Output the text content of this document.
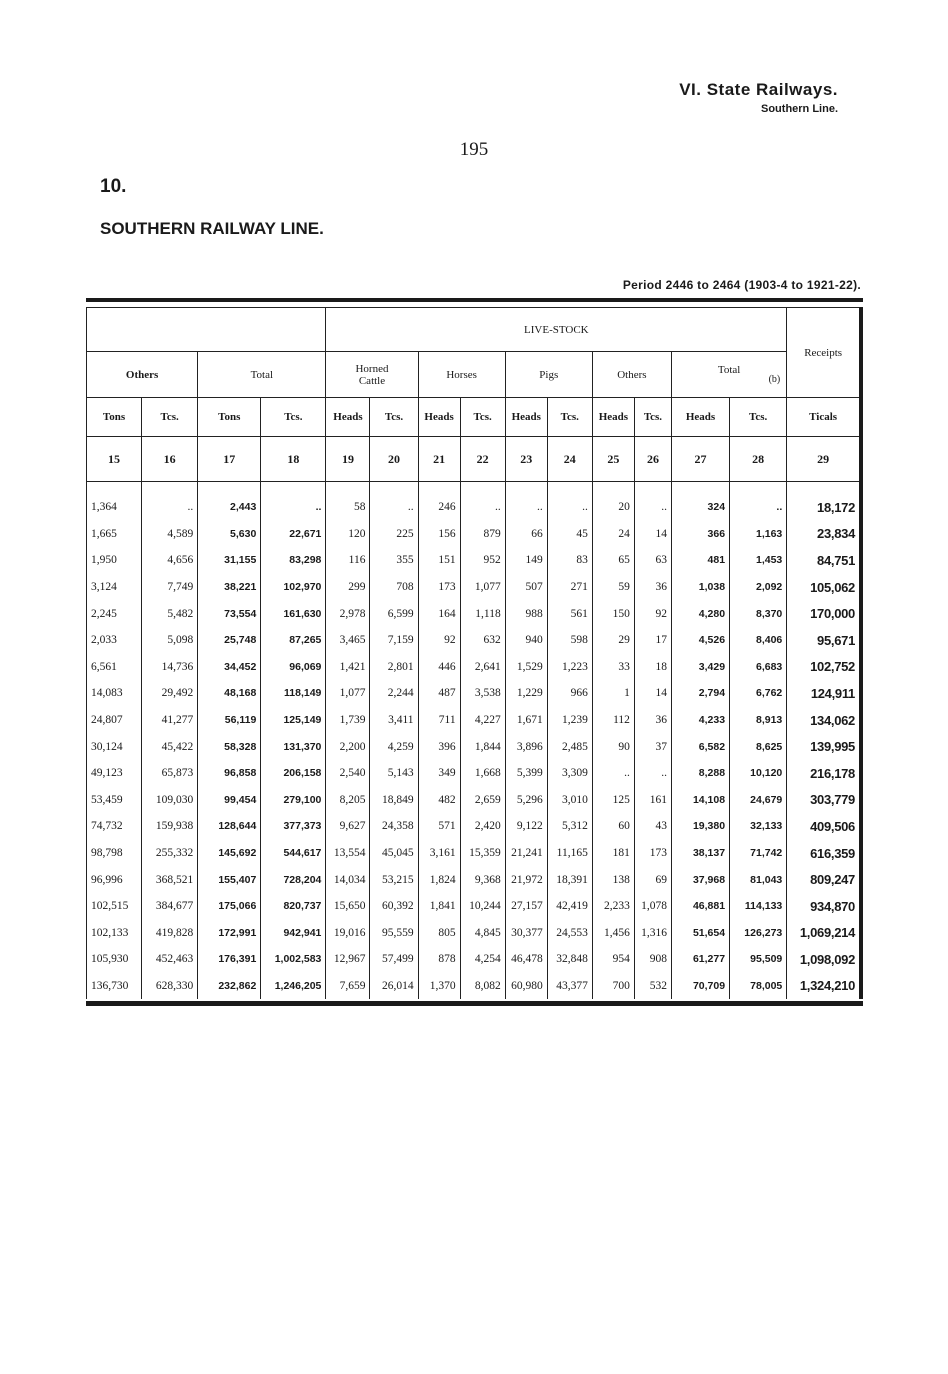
VI. State Railways.
Southern Line.
195
10.
SOUTHERN RAILWAY LINE.
Period 2446 to 2464 (1903-4 to 1921-22).
				LIVE-STOCK										Receipts
Others		Total		Horned Cattle		Horses		Pigs		Others		Total
(b)		

Tons	Tcs.	Tons	Tcs.	Heads	Tcs.	Heads	Tcs.	Heads	Tcs.	Heads	Tcs.	Heads	Tcs.	Ticals
15	16	17	18	19	20	21	22	23	24	25	26	27	28	29

1,364	..	2,443	..	58	..	246	..	..	..	20	..	324	..	18,172
1,665	4,589	5,630	22,671	120	225	156	879	66	45	24	14	366	1,163	23,834
1,950	4,656	31,155	83,298	116	355	151	952	149	83	65	63	481	1,453	84,751
3,124	7,749	38,221	102,970	299	708	173	1,077	507	271	59	36	1,038	2,092	105,062
2,245	5,482	73,554	161,630	2,978	6,599	164	1,118	988	561	150	92	4,280	8,370	170,000
2,033	5,098	25,748	87,265	3,465	7,159	92	632	940	598	29	17	4,526	8,406	95,671
6,561	14,736	34,452	96,069	1,421	2,801	446	2,641	1,529	1,223	33	18	3,429	6,683	102,752
14,083	29,492	48,168	118,149	1,077	2,244	487	3,538	1,229	966	1	14	2,794	6,762	124,911
24,807	41,277	56,119	125,149	1,739	3,411	711	4,227	1,671	1,239	112	36	4,233	8,913	134,062
30,124	45,422	58,328	131,370	2,200	4,259	396	1,844	3,896	2,485	90	37	6,582	8,625	139,995
49,123	65,873	96,858	206,158	2,540	5,143	349	1,668	5,399	3,309	..	..	8,288	10,120	216,178
53,459	109,030	99,454	279,100	8,205	18,849	482	2,659	5,296	3,010	125	161	14,108	24,679	303,779
74,732	159,938	128,644	377,373	9,627	24,358	571	2,420	9,122	5,312	60	43	19,380	32,133	409,506
98,798	255,332	145,692	544,617	13,554	45,045	3,161	15,359	21,241	11,165	181	173	38,137	71,742	616,359
96,996	368,521	155,407	728,204	14,034	53,215	1,824	9,368	21,972	18,391	138	69	37,968	81,043	809,247
102,515	384,677	175,066	820,737	15,650	60,392	1,841	10,244	27,157	42,419	2,233	1,078	46,881	114,133	934,870
102,133	419,828	172,991	942,941	19,016	95,559	805	4,845	30,377	24,553	1,456	1,316	51,654	126,273	1,069,214
105,930	452,463	176,391	1,002,583	12,967	57,499	878	4,254	46,478	32,848	954	908	61,277	95,509	1,098,092
136,730	628,330	232,862	1,246,205	7,659	26,014	1,370	8,082	60,980	43,377	700	532	70,709	78,005	1,324,210
